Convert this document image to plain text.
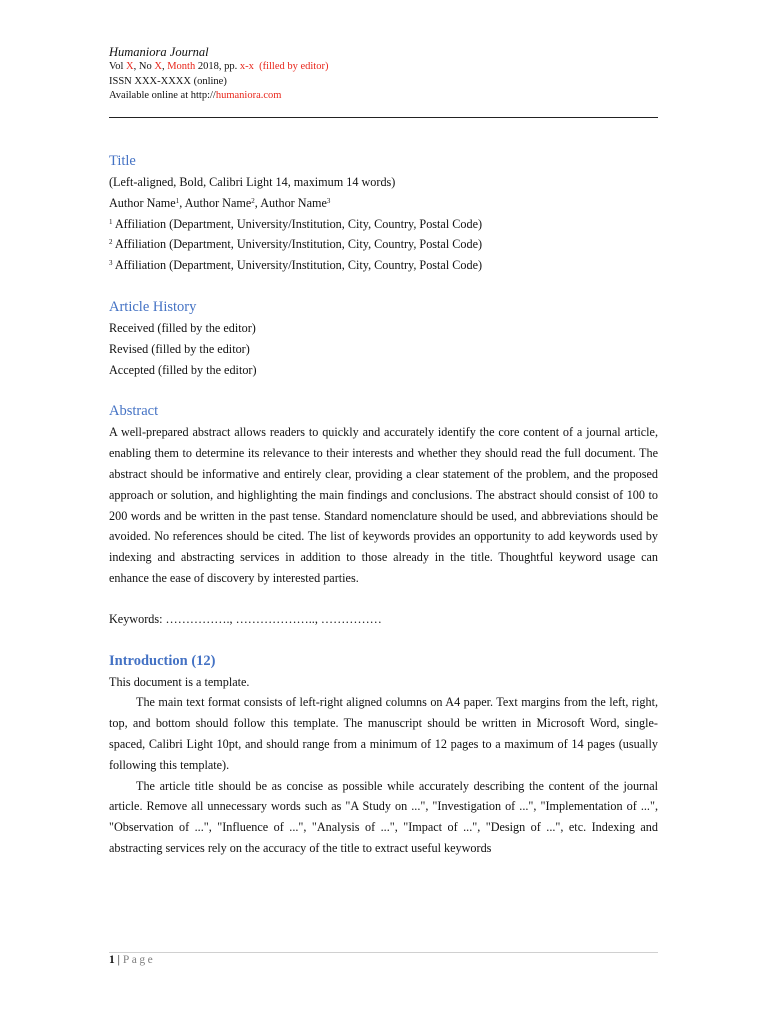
Humaniora Journal
Vol X, No X, Month 2018, pp. x-x (filled by editor)
ISSN XXX-XXXX (online)
Available online at http://humaniora.com
Title

(Left-aligned, Bold, Calibri Light 14, maximum 14 words)

Author Name$^1$, Author Name$^2$, Author Name$^3$

$^1$ Affiliation (Department, University/Institution, City, Country, Postal Code)

$^2$ Affiliation (Department, University/Institution, City, Country, Postal Code)

$^3$ Affiliation (Department, University/Institution, City, Country, Postal Code)

Article History

Received (filled by the editor)

Revised (filled by the editor)

Accepted (filled by the editor)

Abstract

A well-prepared abstract allows readers to quickly and accurately identify the core content of a journal article, enabling them to determine its relevance to their interests and whether they should read the full document. The abstract should be informative and entirely clear, providing a clear statement of the problem, and the proposed approach or solution, and highlighting the main findings and conclusions. The abstract should consist of 100 to 200 words and be written in the past tense. Standard nomenclature should be used, and abbreviations should be avoided. No references should be cited. The list of keywords provides an opportunity to add keywords used by indexing and abstracting services in addition to those already in the title. Thoughtful keyword usage can enhance the ease of discovery by interested parties.

Keywords: ……………., ……………….., ……………

Introduction (12)

This document is a template.

The main text format consists of left-right aligned columns on A4 paper. Text margins from the left, right, top, and bottom should follow this template. The manuscript should be written in Microsoft Word, single-spaced, Calibri Light 10pt, and should range from a minimum of 12 pages to a maximum of 14 pages (usually following this template).

The article title should be as concise as possible while accurately describing the content of the journal article. Remove all unnecessary words such as "A Study on ...", "Investigation of ...", "Implementation of ...", "Observation of ...", "Influence of ...", "Analysis of ...", "Impact of ...", "Design of ...", etc. Indexing and abstracting services rely on the accuracy of the title to extract useful keywords

1 | Page
